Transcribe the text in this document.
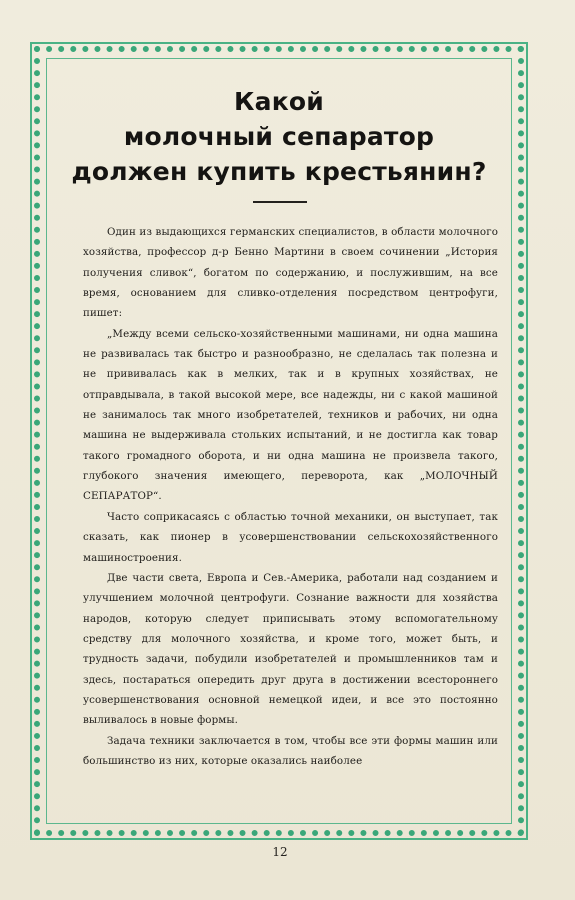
Какой
молочный сепаратор
должен купить крестьянин?

Один из выдающихся германских специалистов, в области молочного хозяйства, профессор д-р Бенно Мартини в своем сочинении „История получения сливок“, богатом по содержанию, и послужившим, на все время, основанием для сливко-отделения посредством центрофуги, пишет:

„Между всеми сельско-хозяйственными машинами, ни одна машина не развивалась так быстро и разнообразно, не сделалась так полезна и не прививалась как в мелких, так и в крупных хозяйствах, не отправдывала, в такой высокой мере, все надежды, ни с какой машиной не занималось так много изобретателей, техников и рабочих, ни одна машина не выдерживала стольких испытаний, и не достигла как товар такого громадного оборота, и ни одна машина не произвела такого, глубокого значения имеющего, переворота, как „МОЛОЧНЫЙ СЕПАРАТОР“.

Часто соприкасаясь с областью точной механики, он выступает, так сказать, как пионер в усовершенствовании сельскохозяйственного машиностроения.

Две части света, Европа и Сев.-Америка, работали над созданием и улучшением молочной центрофуги. Сознание важности для хозяйства народов, которую следует приписывать этому вспомогательному средству для молочного хозяйства, и кроме того, может быть, и трудность задачи, побудили изобретателей и промышленников там и здесь, постараться опередить друг друга в достижении всестороннего усовершенствования основной немецкой идеи, и все это постоянно выливалось в новые формы.

Задача техники заключается в том, чтобы все эти формы машин или большинство из них, которые оказались наиболее

12
